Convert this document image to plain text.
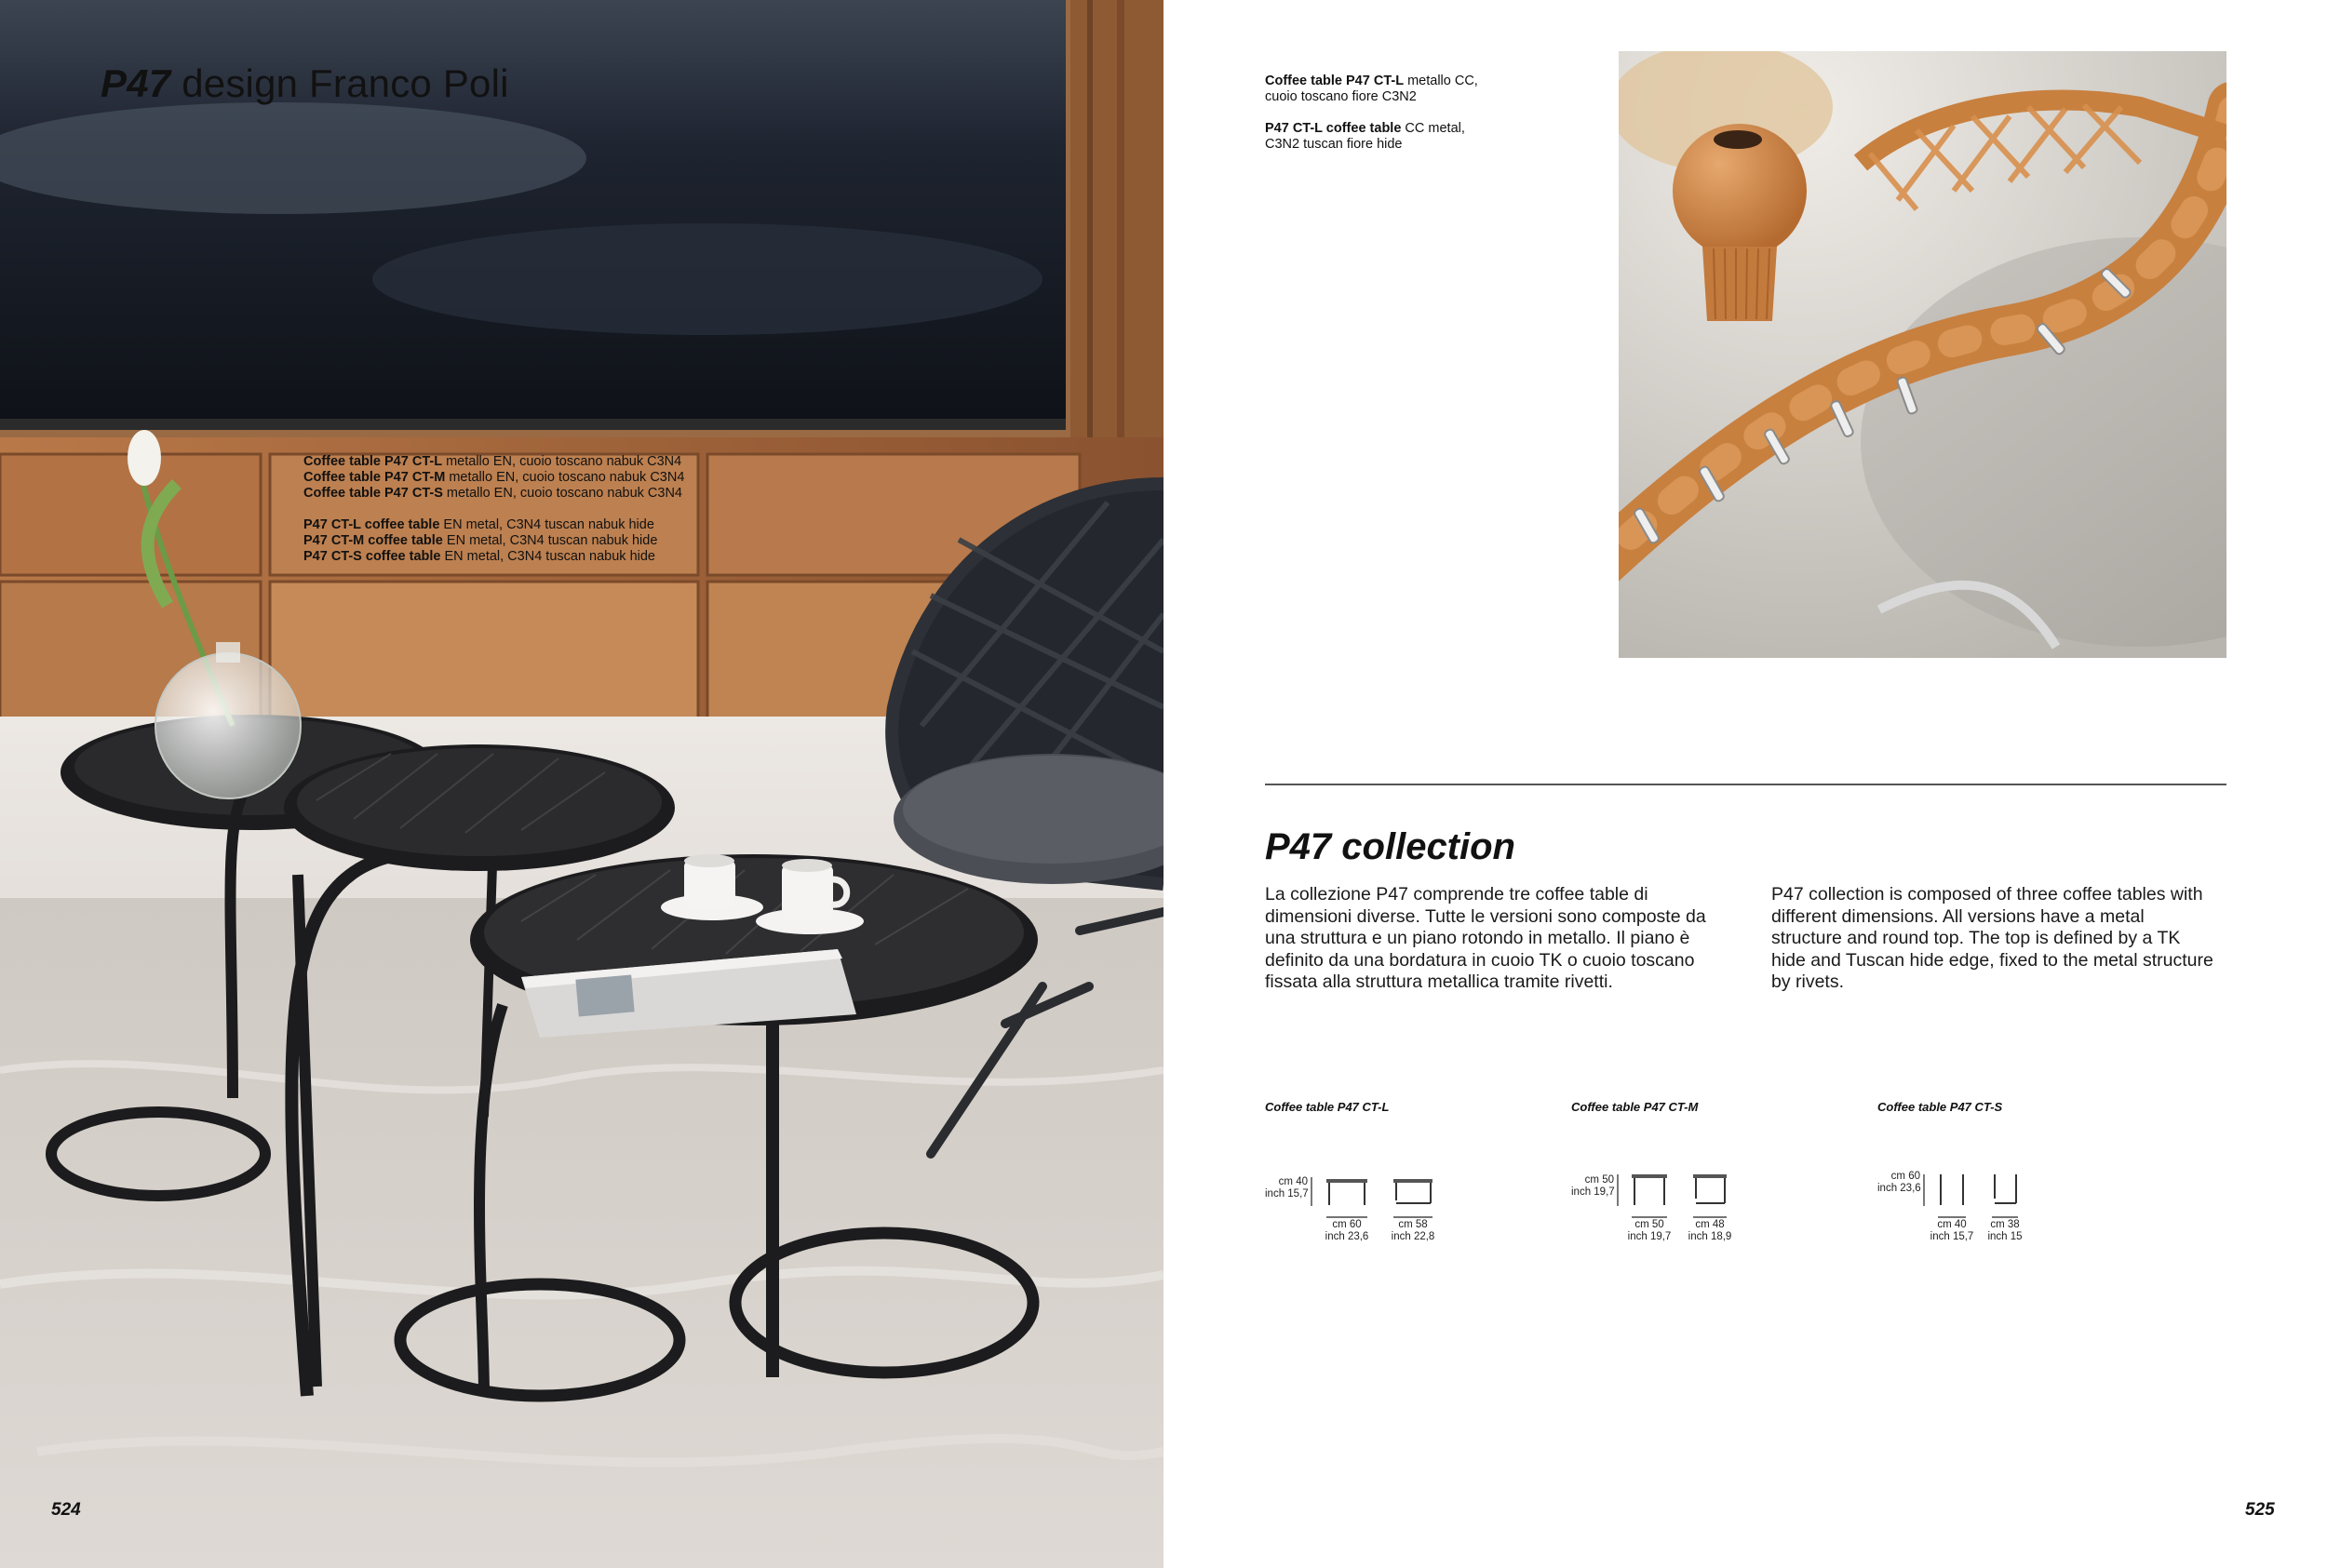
P47 design Franco Poli
Coffee table P47 CT-L metallo EN, cuoio toscano nabuk C3N4
Coffee table P47 CT-M metallo EN, cuoio toscano nabuk C3N4
Coffee table P47 CT-S metallo EN, cuoio toscano nabuk C3N4
P47 CT-L coffee table EN metal, C3N4 tuscan nabuk hide
P47 CT-M coffee table EN metal, C3N4 tuscan nabuk hide
P47 CT-S coffee table EN metal, C3N4 tuscan nabuk hide
524
Coffee table P47 CT-L metallo CC,
cuoio toscano fiore C3N2
P47 CT-L coffee table CC metal,
C3N2 tuscan fiore hide
P47 collection

La collezione P47 comprende tre coffee table di dimensioni diverse. Tutte le versioni sono composte da una struttura e un piano rotondo in metallo. Il piano è definito da una bordatura in cuoio TK o cuoio toscano fissata alla struttura metallica tramite rivetti.

P47 collection is composed of three coffee tables with different dimensions. All versions have a metal structure and round top. The top is defined by a TK hide and Tuscan hide edge, fixed to the metal structure by rivets.

Coffee table P47 CT-L
cm 40
inch 15,7
cm 60
inch 23,6
cm 58
inch 22,8
Coffee table P47 CT-M
cm 50
inch 19,7
cm 50
inch 19,7
cm 48
inch 18,9
Coffee table P47 CT-S
cm 60
inch 23,6
cm 40
inch 15,7
cm 38
inch 15
525
